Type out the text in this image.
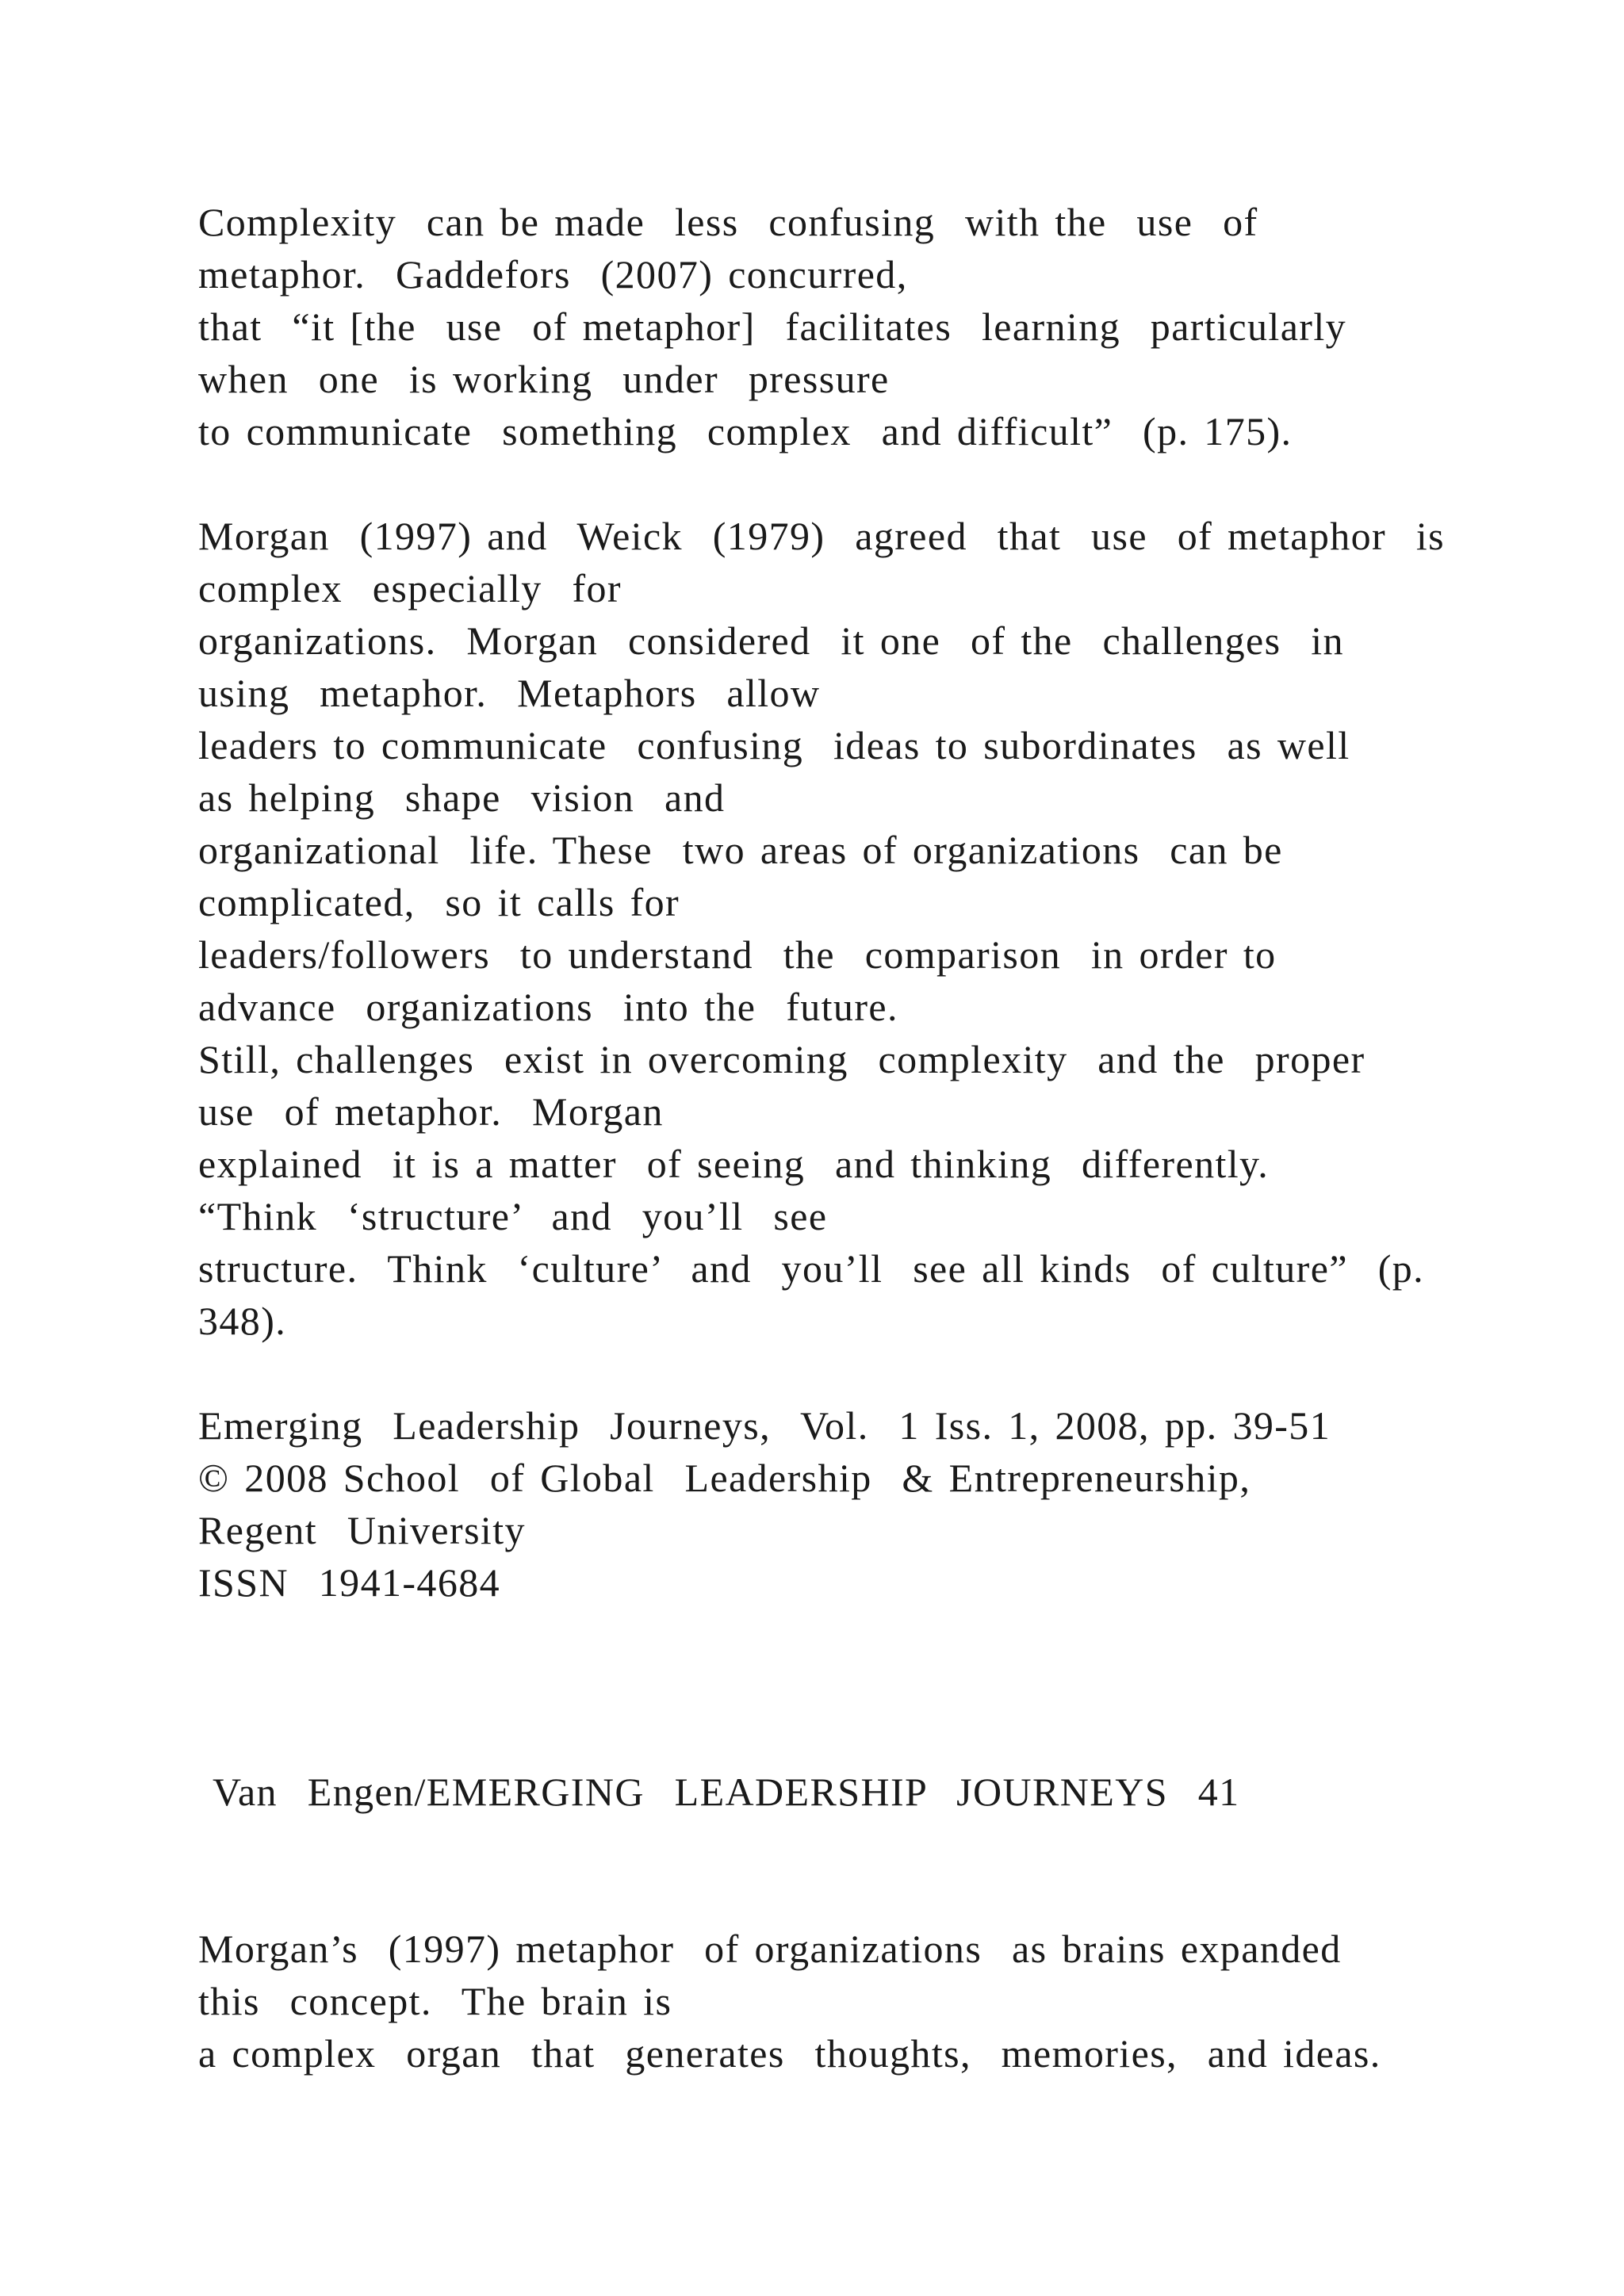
Complexity  can be made  less  confusing  with the  use  of

metaphor.  Gaddefors  (2007) concurred,

that  “it [the  use  of metaphor]  facilitates  learning  particularly

when  one  is working  under  pressure

to communicate  something  complex  and difficult”  (p. 175).

Morgan  (1997) and  Weick  (1979)  agreed  that  use  of metaphor  is

complex  especially  for

organizations.  Morgan  considered  it one  of the  challenges  in

using  metaphor.  Metaphors  allow

leaders to communicate  confusing  ideas to subordinates  as well

as helping  shape  vision  and

organizational  life. These  two areas of organizations  can be

complicated,  so it calls for

leaders/followers  to understand  the  comparison  in order to

advance  organizations  into the  future.

Still, challenges  exist in overcoming  complexity  and the  proper

use  of metaphor.  Morgan

explained  it is a matter  of seeing  and thinking  differently.

“Think  ‘structure’  and  you’ll  see

structure.  Think  ‘culture’  and  you’ll  see all kinds  of culture”  (p.

348).

Emerging  Leadership  Journeys,  Vol.  1 Iss. 1, 2008, pp. 39-51

© 2008 School  of Global  Leadership  & Entrepreneurship,

Regent  University

ISSN  1941-4684

Van  Engen/EMERGING  LEADERSHIP  JOURNEYS  41

Morgan’s  (1997) metaphor  of organizations  as brains expanded

this  concept.  The brain is

a complex  organ  that  generates  thoughts,  memories,  and ideas.
